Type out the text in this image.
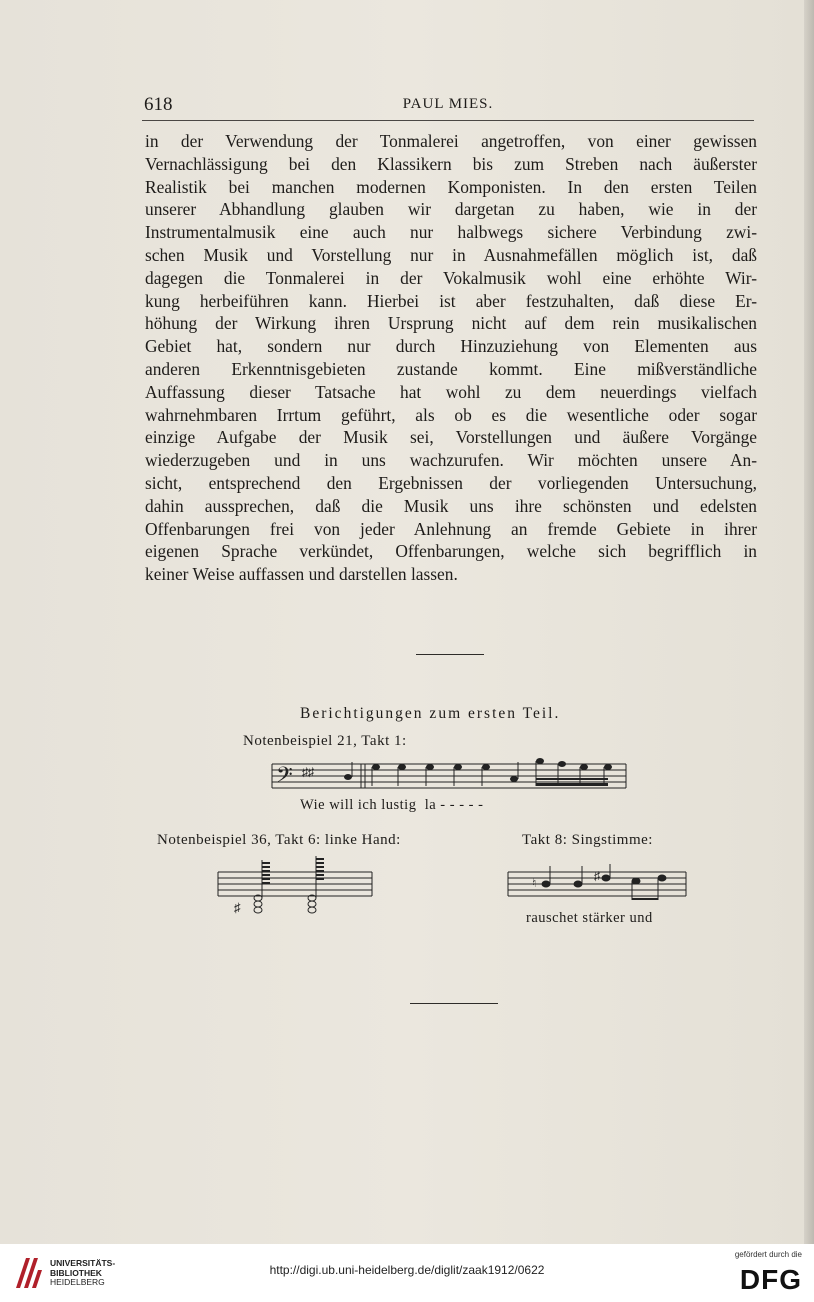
618	PAUL MIES.

in der Verwendung der Tonmalerei angetroffen, von einer gewissen
Vernachlässigung bei den Klassikern bis zum Streben nach äußerster
Realistik bei manchen modernen Komponisten. In den ersten Teilen
unserer Abhandlung glauben wir dargetan zu haben, wie in der
Instrumentalmusik eine auch nur halbwegs sichere Verbindung zwi-
schen Musik und Vorstellung nur in Ausnahmefällen möglich ist, daß
dagegen die Tonmalerei in der Vokalmusik wohl eine erhöhte Wir-
kung herbeiführen kann. Hierbei ist aber festzuhalten, daß diese Er-
höhung der Wirkung ihren Ursprung nicht auf dem rein musikalischen
Gebiet hat, sondern nur durch Hinzuziehung von Elementen aus
anderen Erkenntnisgebieten zustande kommt. Eine mißverständliche
Auffassung dieser Tatsache hat wohl zu dem neuerdings vielfach
wahrnehmbaren Irrtum geführt, als ob es die wesentliche oder sogar
einzige Aufgabe der Musik sei, Vorstellungen und äußere Vorgänge
wiederzugeben und in uns wachzurufen. Wir möchten unsere An-
sicht, entsprechend den Ergebnissen der vorliegenden Untersuchung,
dahin aussprechen, daß die Musik uns ihre schönsten und edelsten
Offenbarungen frei von jeder Anlehnung an fremde Gebiete in ihrer
eigenen Sprache verkündet, Offenbarungen, welche sich begrifflich in
keiner Weise auffassen und darstellen lassen.

Berichtigungen zum ersten Teil.
Notenbeispiel 21, Takt 1:
𝄢 ♯♯
Wie will ich lustig  la - - - - -
Notenbeispiel 36, Takt 6: linke Hand:	Takt 8: Singstimme:
♯
♮	♯
rauschet stärker und
UNIVERSITÄTS-
BIBLIOTHEK
HEIDELBERG
http://digi.ub.uni-heidelberg.de/diglit/zaak1912/0622
gefördert durch die
DFG
